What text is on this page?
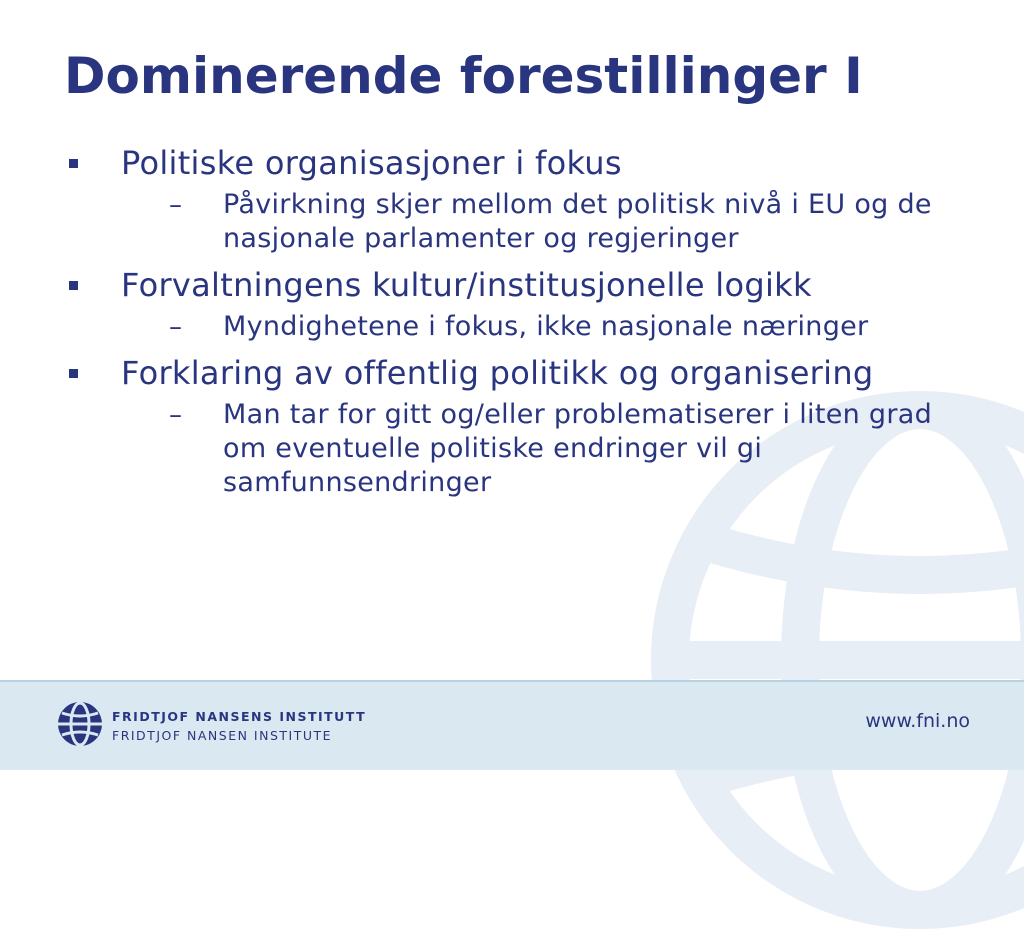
Dominerende forestillinger I
Politiske organisasjoner i fokus
– Påvirkning skjer mellom det politisk nivå i EU og de nasjonale parlamenter og regjeringer
Forvaltningens kultur/institusjonelle logikk
– Myndighetene i fokus, ikke nasjonale næringer
Forklaring av offentlig politikk og organisering
– Man tar for gitt og/eller problematiserer i liten grad om eventuelle politiske endringer vil gi samfunnsendringer
FRIDTJOF NANSENS INSTITUTT
FRIDTJOF NANSEN INSTITUTE
www.fni.no
